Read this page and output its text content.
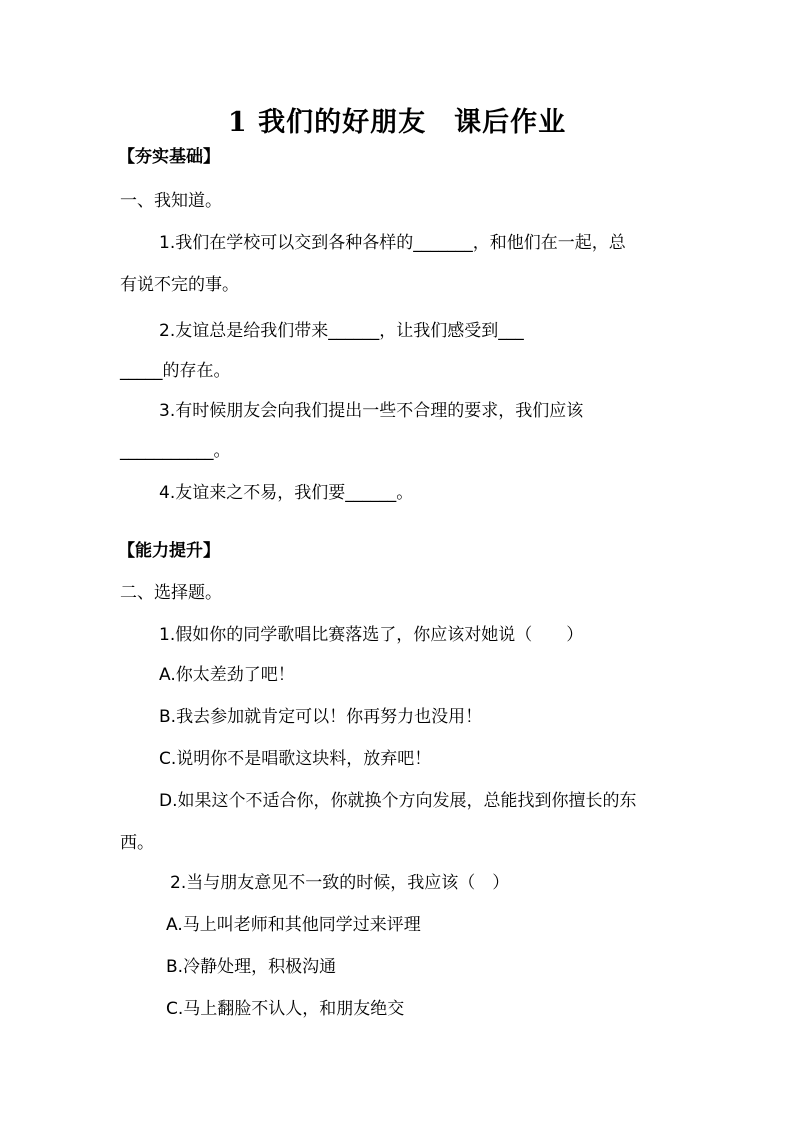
1 我们的好朋友　课后作业
【夯实基础】
一、我知道。
1.我们在学校可以交到各种各样的_______，和他们在一起，总
有说不完的事。
2.友谊总是给我们带来______，让我们感受到___
_____的存在。
3.有时候朋友会向我们提出一些不合理的要求，我们应该
___________。
4.友谊来之不易，我们要______。
【能力提升】
二、选择题。
1.假如你的同学歌唱比赛落选了，你应该对她说（　　）
A.你太差劲了吧！
B.我去参加就肯定可以！你再努力也没用！
C.说明你不是唱歌这块料，放弃吧！
D.如果这个不适合你，你就换个方向发展，总能找到你擅长的东
西。
2.当与朋友意见不一致的时候，我应该（　）
A.马上叫老师和其他同学过来评理
B.冷静处理，积极沟通
C.马上翻脸不认人，和朋友绝交
